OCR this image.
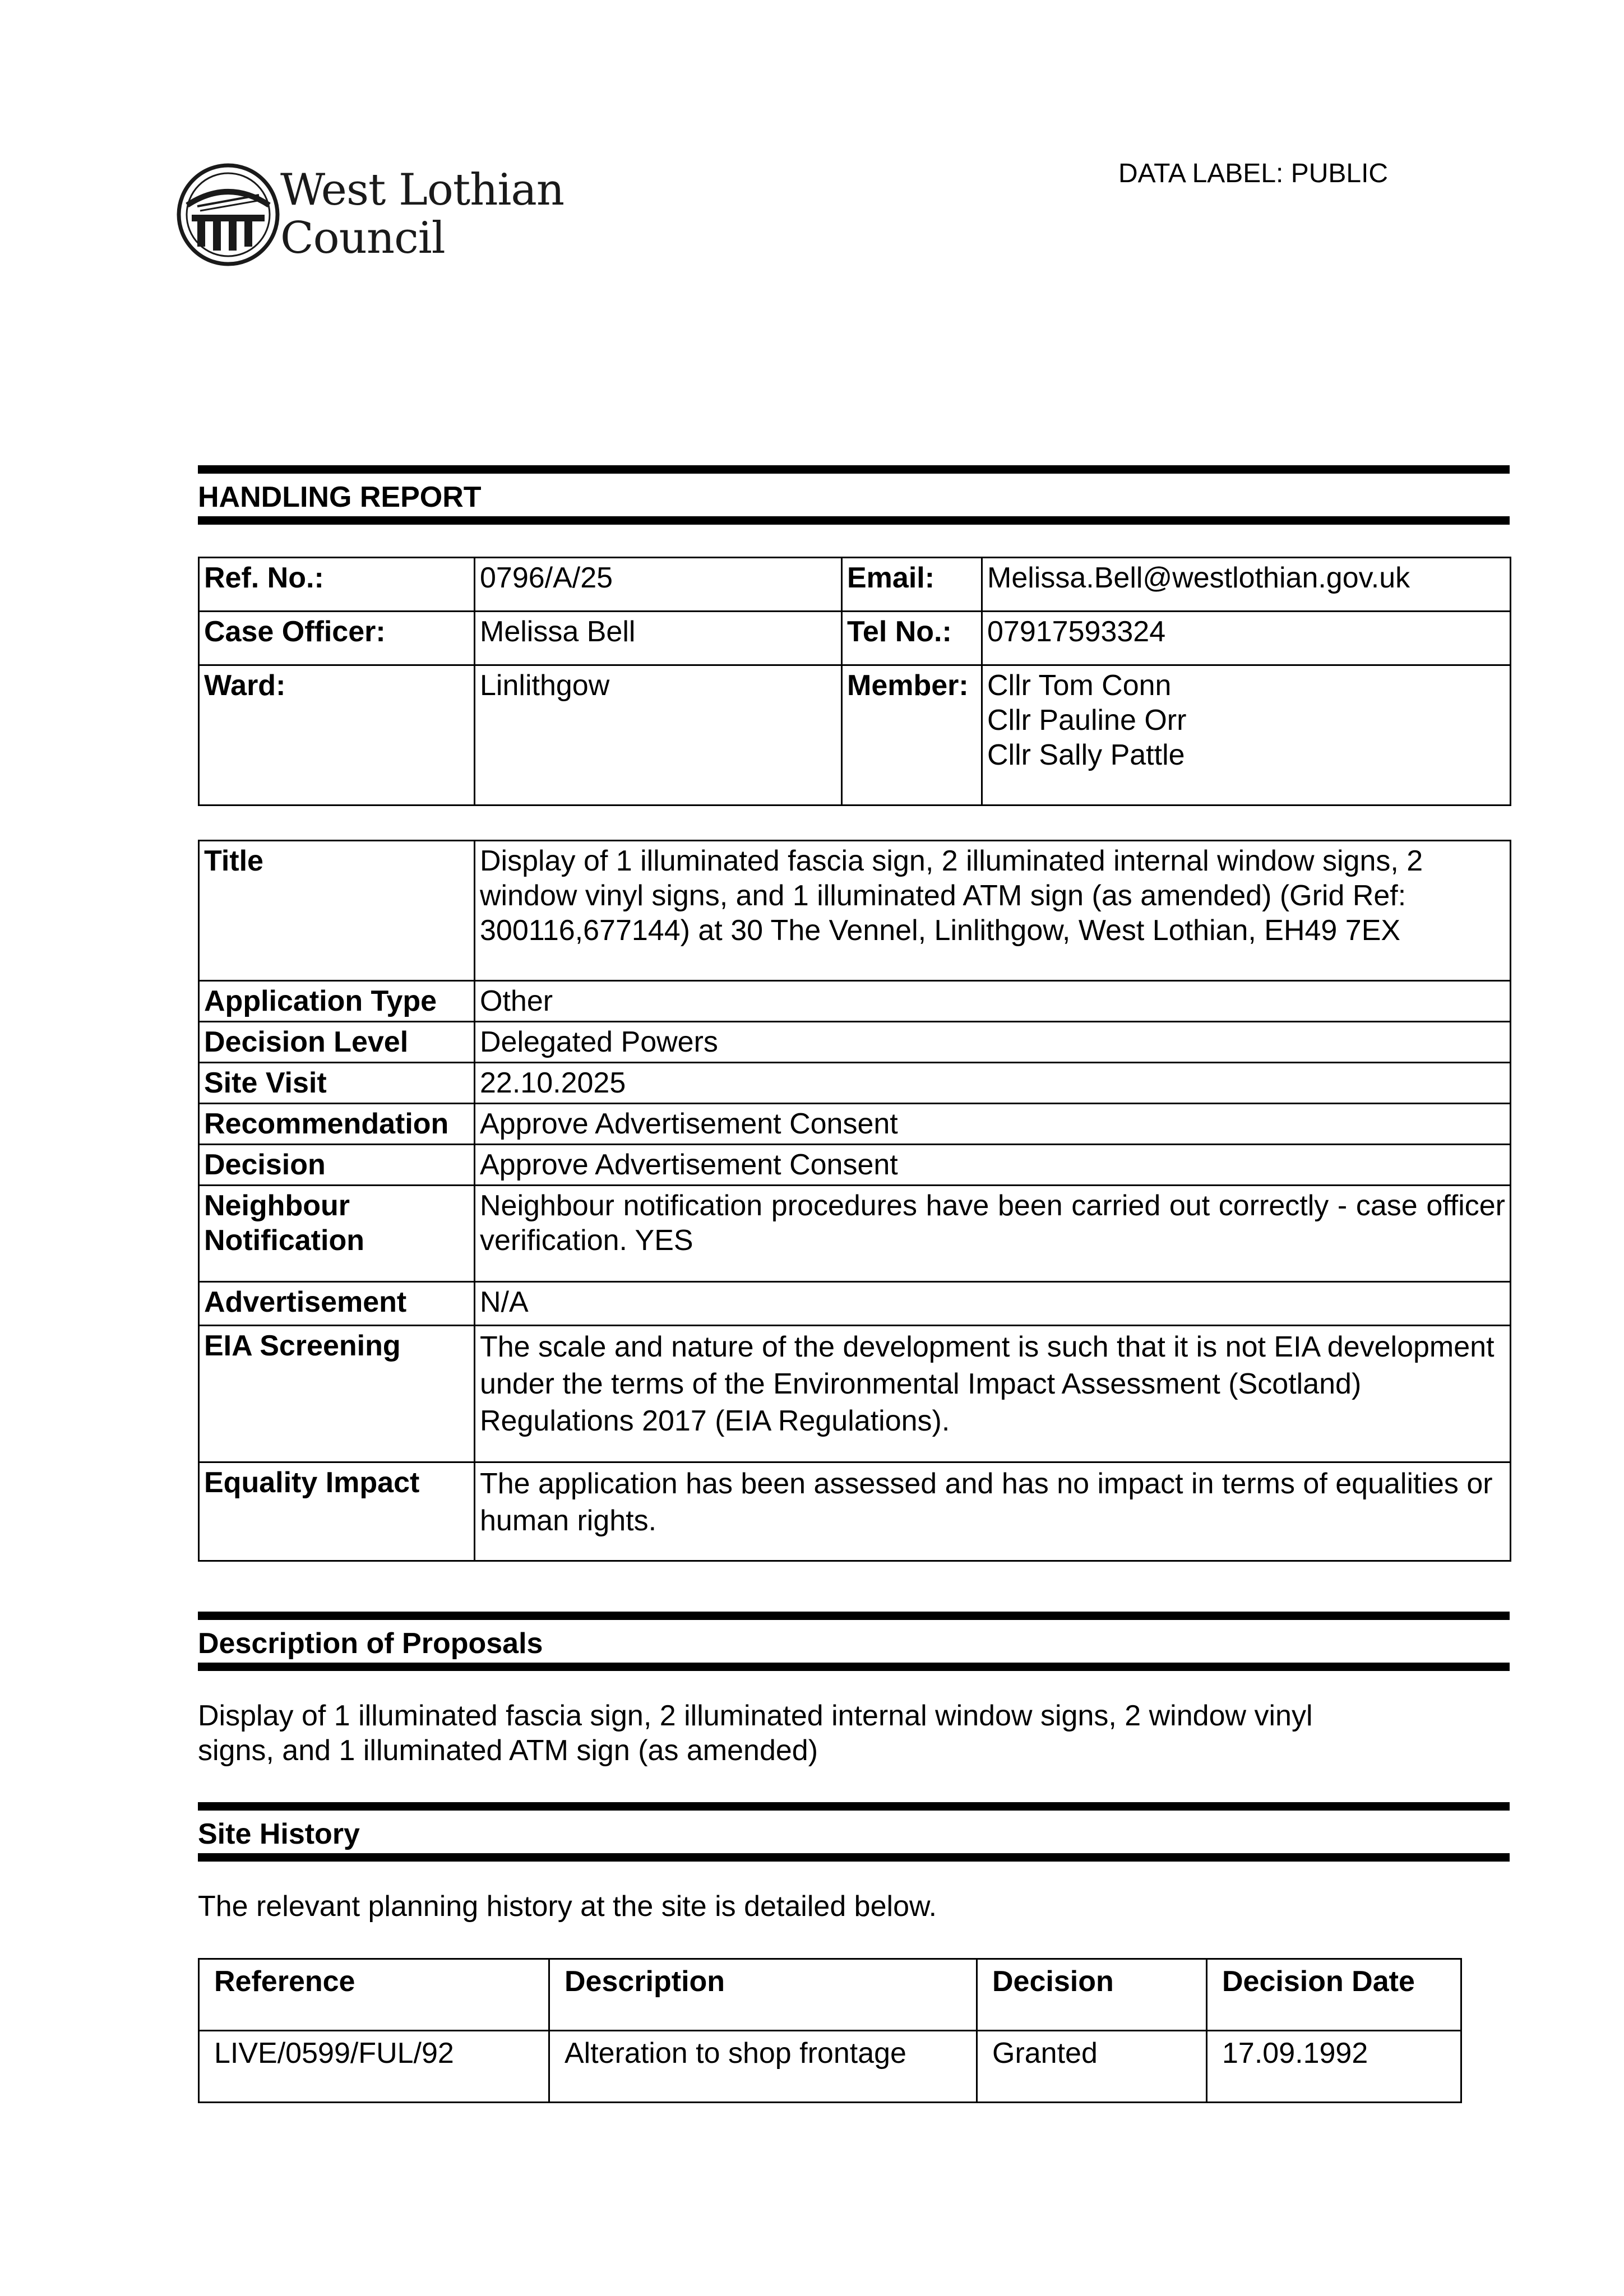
West Lothian
Council
DATA LABEL: PUBLIC
HANDLING REPORT
Ref. No.:	0796/A/25	Email:	Melissa.Bell@westlothian.gov.uk
Case Officer:	Melissa Bell	Tel No.:	07917593324
Ward:	Linlithgow	Member:	Cllr Tom Conn
Cllr Pauline Orr
Cllr Sally Pattle
Title	Display of 1 illuminated fascia sign, 2 illuminated internal window signs, 2 window vinyl signs, and 1 illuminated ATM sign (as amended) (Grid Ref: 300116,677144) at 30 The Vennel, Linlithgow, West Lothian, EH49 7EX
Application Type	Other
Decision Level	Delegated Powers
Site Visit	22.10.2025
Recommendation	Approve Advertisement Consent
Decision	Approve Advertisement Consent

Neighbour
Notification	Neighbour notification procedures have been carried out correctly - case officer verification. YES
Advertisement	N/A
EIA Screening	The scale and nature of the development is such that it is not EIA development under the terms of the Environmental Impact Assessment (Scotland) Regulations 2017 (EIA Regulations).
Equality Impact	The application has been assessed and has no impact in terms of equalities or human rights.
Description of Proposals
Display of 1 illuminated fascia sign, 2 illuminated internal window signs, 2 window vinyl signs, and 1 illuminated ATM sign (as amended)
Site History
The relevant planning history at the site is detailed below.
Reference	Description	Decision	Decision Date
LIVE/0599/FUL/92	Alteration to shop frontage	Granted	17.09.1992
